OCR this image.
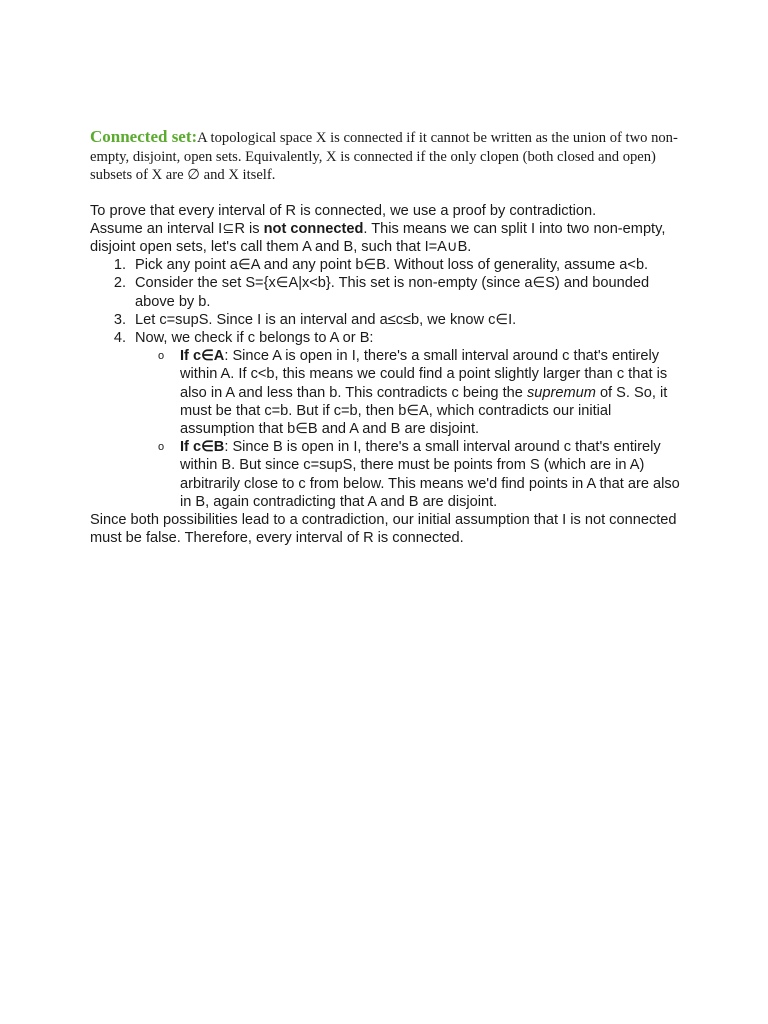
Connected set:A topological space X is connected if it cannot be written as the union of two non-empty, disjoint, open sets. Equivalently, X is connected if the only clopen (both closed and open) subsets of X are ∅ and X itself.

To prove that every interval of R is connected, we use a proof by contradiction.

Assume an interval I⊆R is not connected. This means we can split I into two non-empty, disjoint open sets, let's call them A and B, such that I=A∪B.

1. Pick any point a∈A and any point b∈B. Without loss of generality, assume a<b.
2. Consider the set S={x∈A|x<b}. This set is non-empty (since a∈S) and bounded above by b.
3. Let c=supS. Since I is an interval and a≤c≤b, we know c∈I.
4. Now, we check if c belongs to A or B:
o	If c∈A: Since A is open in I, there's a small interval around c that's entirely within A. If c<b, this means we could find a point slightly larger than c that is also in A and less than b. This contradicts c being the supremum of S. So, it must be that c=b. But if c=b, then b∈A, which contradicts our initial assumption that b∈B and A and B are disjoint.
o	If c∈B: Since B is open in I, there's a small interval around c that's entirely within B. But since c=supS, there must be points from S (which are in A) arbitrarily close to c from below. This means we'd find points in A that are also in B, again contradicting that A and B are disjoint.

Since both possibilities lead to a contradiction, our initial assumption that I is not connected must be false. Therefore, every interval of R is connected.
